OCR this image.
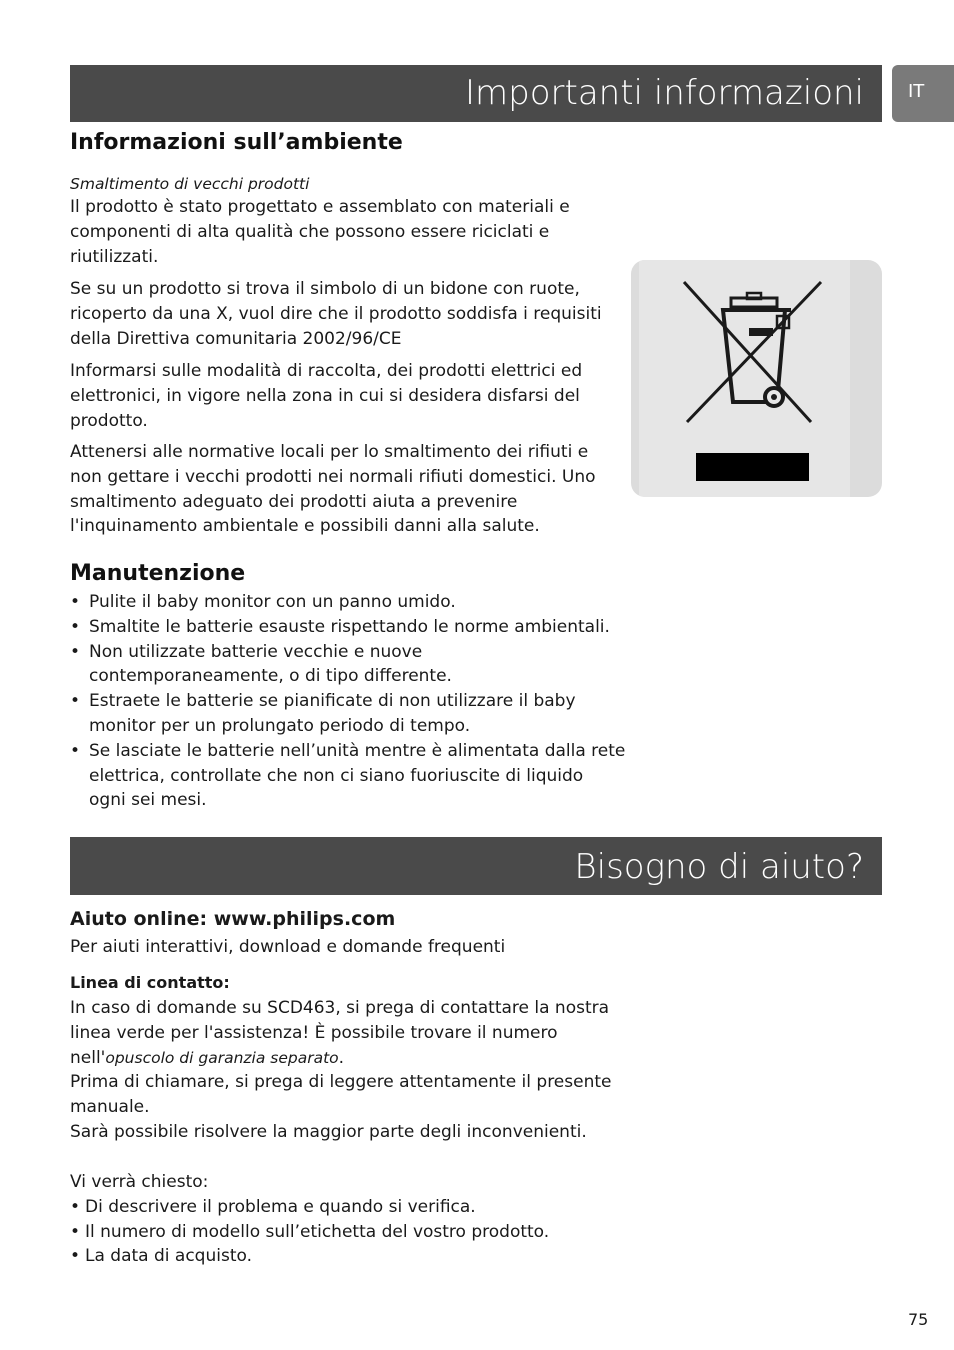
Importanti informazioni	IT
Informazioni sull’ambiente
Smaltimento di vecchi prodotti
Il prodotto è stato progettato e assemblato con materiali e
componenti di alta qualità che possono essere riciclati e
riutilizzati.
Se su un prodotto si trova il simbolo di un bidone con ruote,
ricoperto da una X, vuol dire che il prodotto soddisfa i requisiti
della Direttiva comunitaria 2002/96/CE
Informarsi sulle modalità di raccolta, dei prodotti elettrici ed
elettronici, in vigore nella zona in cui si desidera disfarsi del
prodotto.
Attenersi alle normative locali per lo smaltimento dei rifiuti e
non gettare i vecchi prodotti nei normali rifiuti domestici. Uno
smaltimento adeguato dei prodotti aiuta a prevenire
l'inquinamento ambientale e possibili danni alla salute.
Manutenzione
• Pulite il baby monitor con un panno umido.
• Smaltite le batterie esauste rispettando le norme ambientali.
• Non utilizzate batterie vecchie e nuove
contemporaneamente, o di tipo differente.
• Estraete le batterie se pianificate di non utilizzare il baby
monitor per un prolungato periodo di tempo.
• Se lasciate le batterie nell’unità mentre è alimentata dalla rete
elettrica, controllate che non ci siano fuoriuscite di liquido
ogni sei mesi.
Bisogno di aiuto?
Aiuto online: www.philips.com
Per aiuti interattivi, download e domande frequenti
Linea di contatto:
In caso di domande su SCD463, si prega di contattare la nostra
linea verde per l'assistenza! È possibile trovare il numero
nell'opuscolo di garanzia separato.
Prima di chiamare, si prega di leggere attentamente il presente
manuale.
Sarà possibile risolvere la maggior parte degli inconvenienti.
Vi verrà chiesto:
• Di descrivere il problema e quando si verifica.
• Il numero di modello sull’etichetta del vostro prodotto.
• La data di acquisto.
75
